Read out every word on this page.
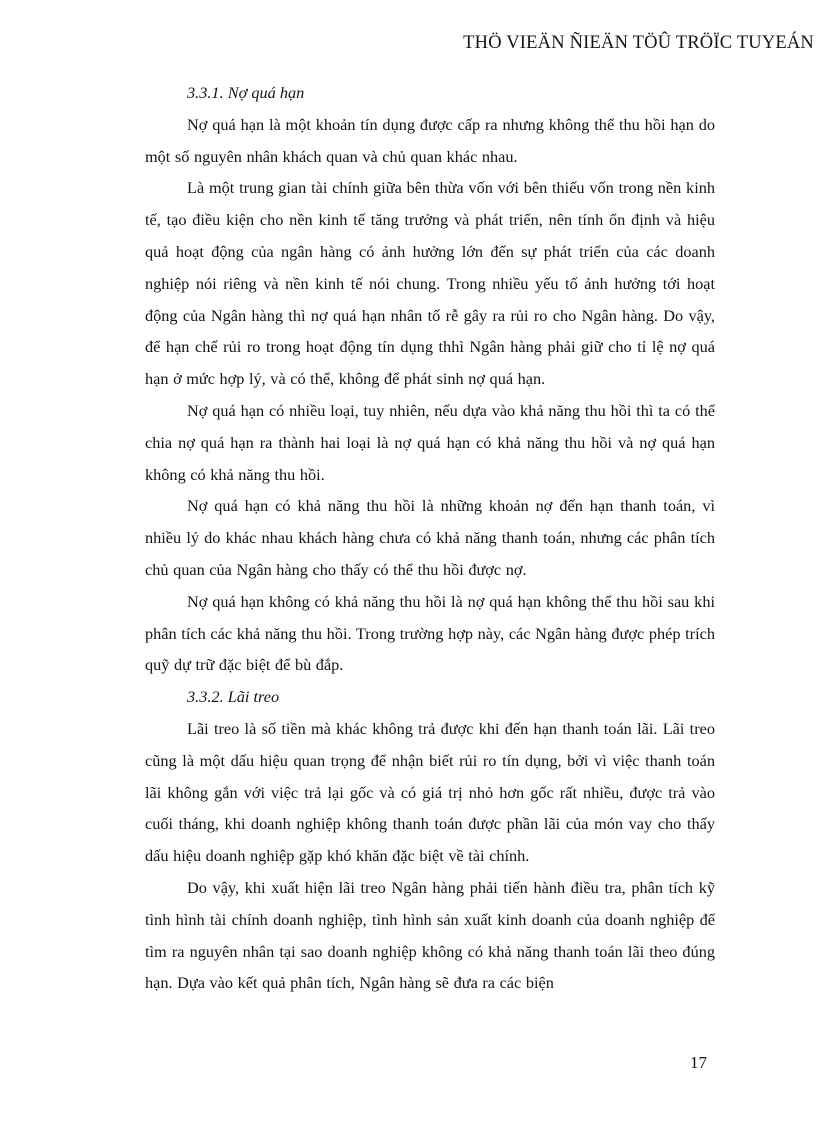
THÖ VIEÄN ÑIEÄN TÖÛ TRÖÏC TUYEÁN

3.3.1. Nợ quá hạn

Nợ quá hạn là một khoản tín dụng được cấp ra nhưng không thể thu hồi hạn do một số nguyên nhân khách quan và chủ quan khác nhau.

Là một trung gian tài chính giữa bên thừa vốn với bên thiếu vốn trong nền kinh tế, tạo điều kiện cho nền kinh tế tăng trưởng và phát triển, nên tính ổn định và hiệu quả hoạt động của ngân hàng có ảnh hưởng lớn đến sự phát triển của các doanh nghiệp nói riêng và nền kinh tế nói chung. Trong nhiều yếu tố ảnh hưởng tới hoạt động của Ngân hàng thì nợ quá hạn nhân tố rễ gây ra rủi ro cho Ngân hàng. Do vậy, để hạn chế rủi ro trong hoạt động tín dụng thhì Ngân hàng phải giữ cho tỉ lệ nợ quá hạn ở mức hợp lý, và có thể, không để phát sinh nợ quá hạn.

Nợ quá hạn có nhiều loại, tuy nhiên, nếu dựa vào khả năng thu hồi thì ta có thể chia nợ quá hạn ra thành hai loại là nợ quá hạn có khả năng thu hồi và nợ quá hạn không có khả năng thu hồi.

Nợ quá hạn có khả năng thu hồi là những khoản nợ đến hạn thanh toán, vì nhiều lý do khác nhau khách hàng chưa có khả năng thanh toán, nhưng các phân tích chủ quan của Ngân hàng cho thấy có thể thu hồi được nợ.

Nợ quá hạn không có khả năng thu hồi là nợ quá hạn không thể thu hồi sau khi phân tích các khả năng thu hồi. Trong trường hợp này, các Ngân hàng được phép trích quỹ dự trữ đặc biệt để bù đắp.

3.3.2. Lãi treo

Lãi treo là số tiền mà khác không trả được khi đến hạn thanh toán lãi. Lãi treo cũng là một dấu hiệu quan trọng để nhận biết rủi ro tín dụng, bởi vì việc thanh toán lãi không gắn với việc trả lại gốc và có giá trị nhỏ hơn gốc rất nhiều, được trả vào cuối tháng, khi doanh nghiệp không thanh toán được phần lãi của món vay cho thấy dấu hiệu doanh nghiệp gặp khó khăn đặc biệt về tài chính.

Do vậy, khi xuất hiện lãi treo Ngân hàng phải tiến hành điều tra, phân tích kỹ tình hình tài chính doanh nghiệp, tình hình sản xuất kinh doanh của doanh nghiệp để tìm ra nguyên nhân tại sao doanh nghiệp không có khả năng thanh toán lãi theo đúng hạn. Dựa vào kết quả phân tích, Ngân hàng sẽ đưa ra các biện

17
